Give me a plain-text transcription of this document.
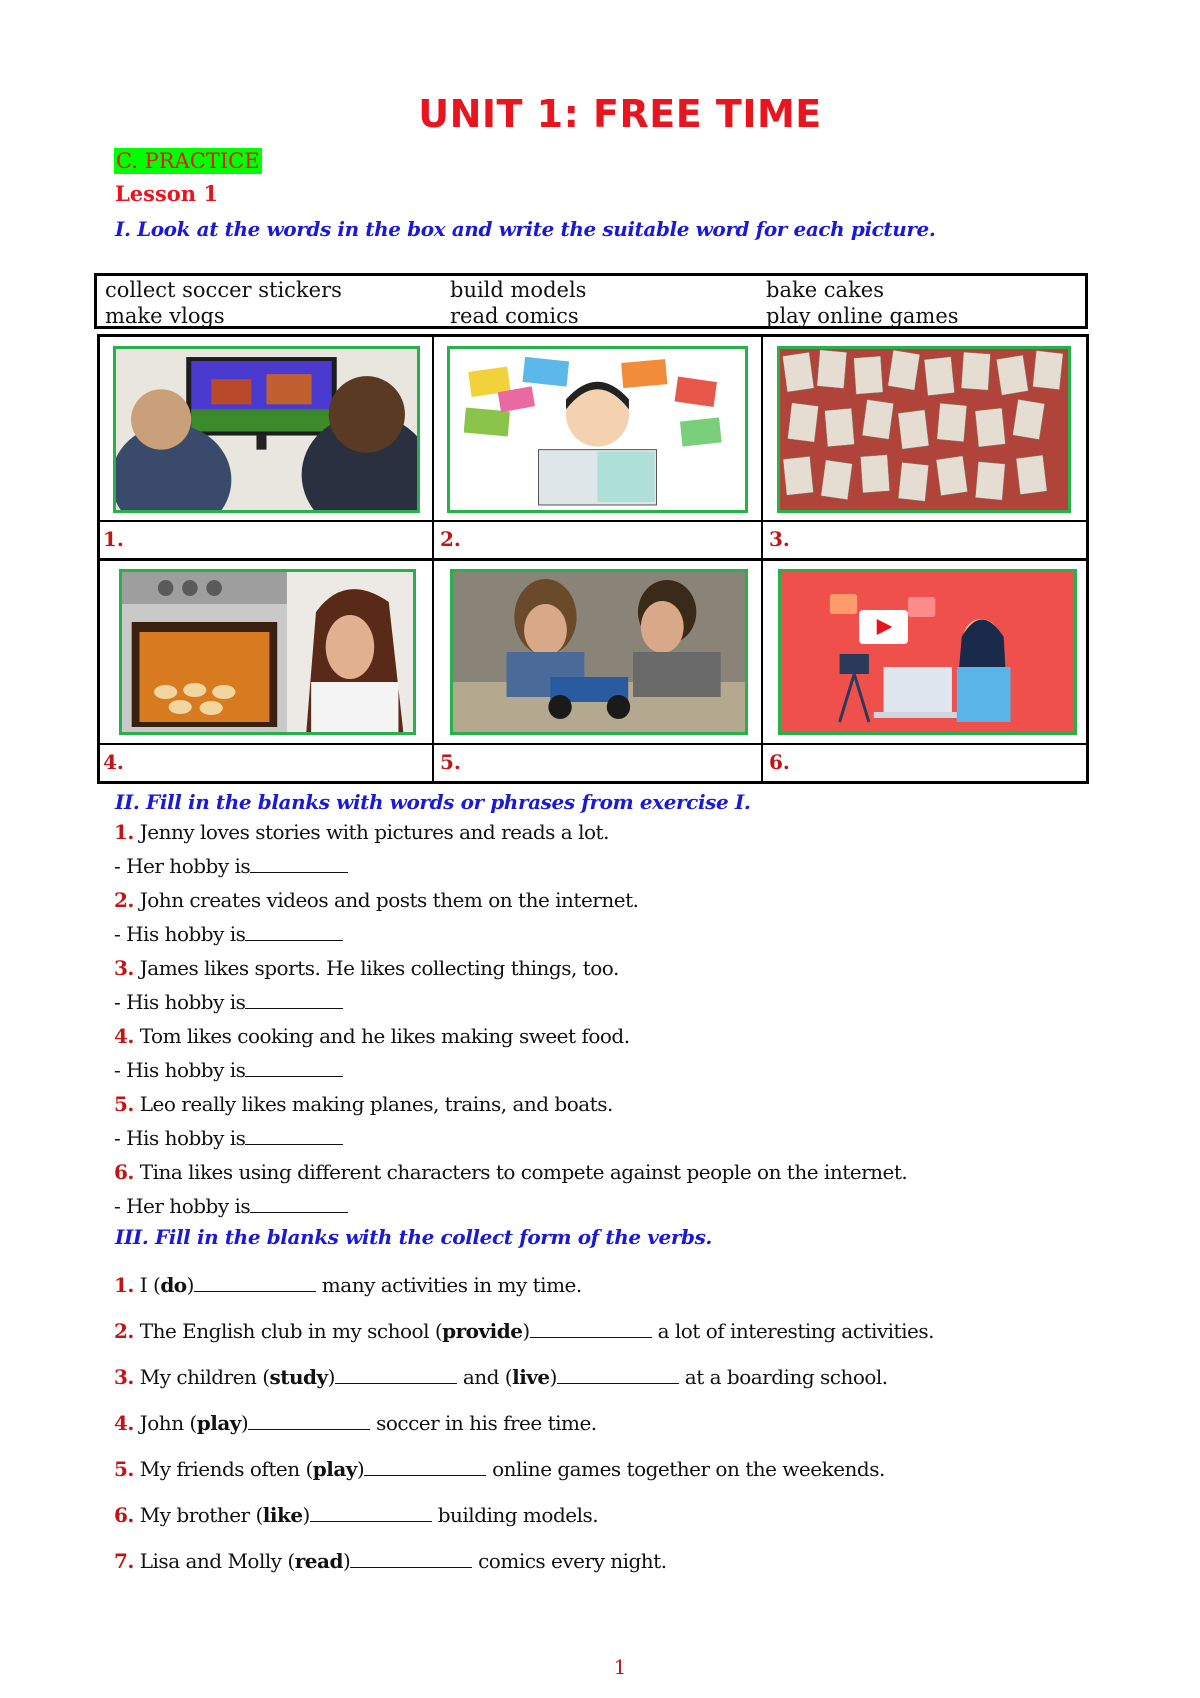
UNIT 1: FREE TIME
C. PRACTICE
Lesson 1
I. Look at the words in the box and write the suitable word for each picture.
collect soccer stickers	build models	bake cakes
make vlogs	read comics	play online games
1.	2.	3.
4.	5.	6.
II. Fill in the blanks with words or phrases from exercise I.
1. Jenny loves stories with pictures and reads a lot.
- Her hobby is
2. John creates videos and posts them on the internet.
- His hobby is
3. James likes sports. He likes collecting things, too.
- His hobby is
4. Tom likes cooking and he likes making sweet food.
- His hobby is
5. Leo really likes making planes, trains, and boats.
- His hobby is
6. Tina likes using different characters to compete against people on the internet.
- Her hobby is
III. Fill in the blanks with the collect form of the verbs.
1. I (do)	many activities in my time.
2. The English club in my school (provide)	a lot of interesting activities.
3. My children (study)	and (live)	at a boarding school.
4. John (play)	soccer in his free time.
5. My friends often (play)	online games together on the weekends.
6. My brother (like)	building models.
7. Lisa and Molly (read)	comics every night.
1
